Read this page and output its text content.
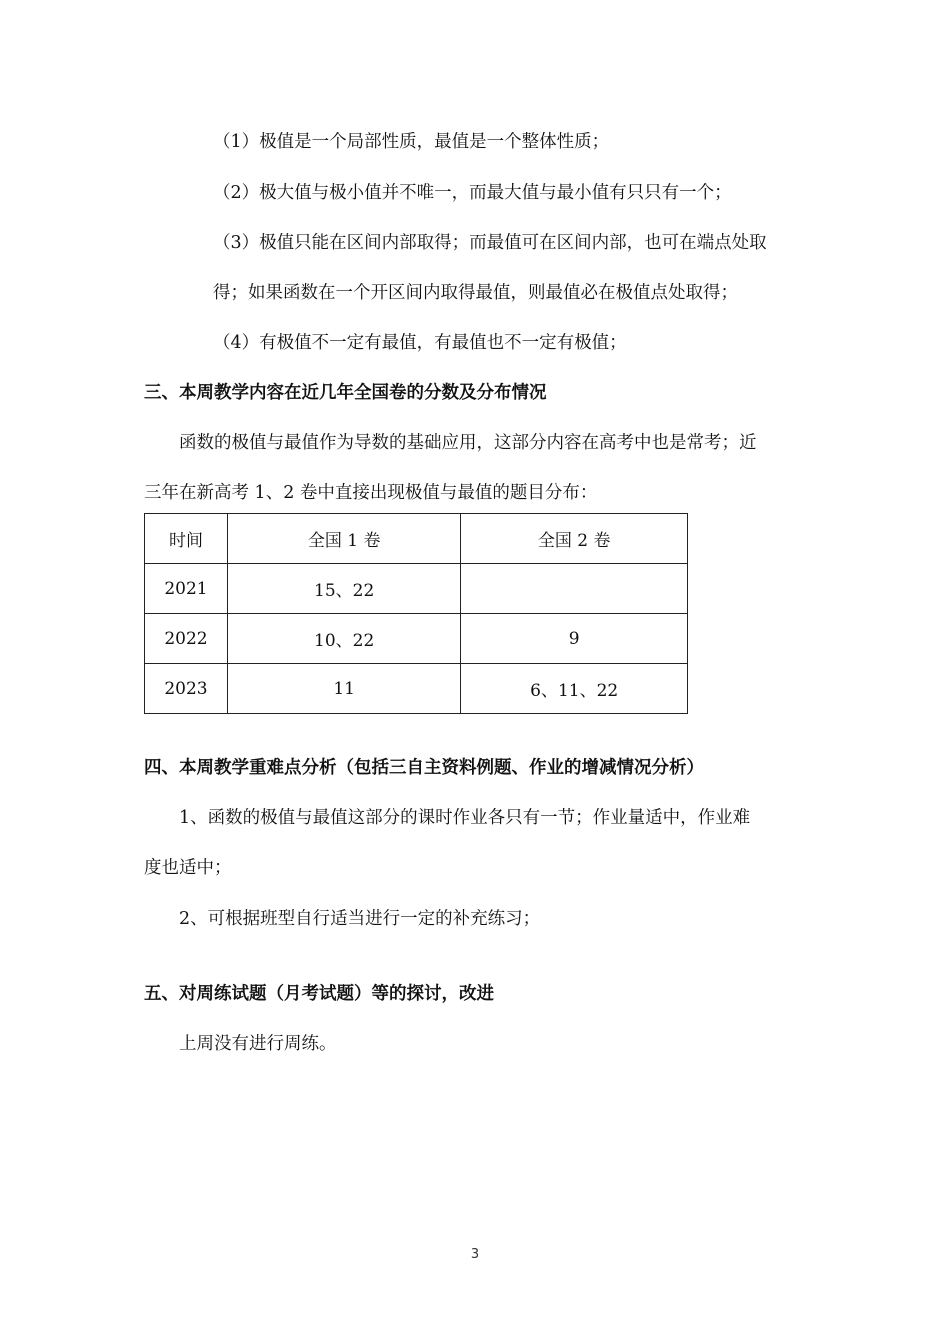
（1）极值是一个局部性质，最值是一个整体性质；
（2）极大值与极小值并不唯一，而最大值与最小值有只只有一个；
（3）极值只能在区间内部取得；而最值可在区间内部，也可在端点处取
得；如果函数在一个开区间内取得最值，则最值必在极值点处取得；
（4）有极值不一定有最值，有最值也不一定有极值；
三、本周教学内容在近几年全国卷的分数及分布情况
函数的极值与最值作为导数的基础应用，这部分内容在高考中也是常考；近
三年在新高考 1、2 卷中直接出现极值与最值的题目分布：
时间	全国 1 卷	全国 2 卷
2021	15、22	
2022	10、22	9
2023	11	6、11、22
四、本周教学重难点分析（包括三自主资料例题、作业的增减情况分析）
1、函数的极值与最值这部分的课时作业各只有一节；作业量适中，作业难
度也适中；
2、可根据班型自行适当进行一定的补充练习；
五、对周练试题（月考试题）等的探讨，改进
上周没有进行周练。
3
